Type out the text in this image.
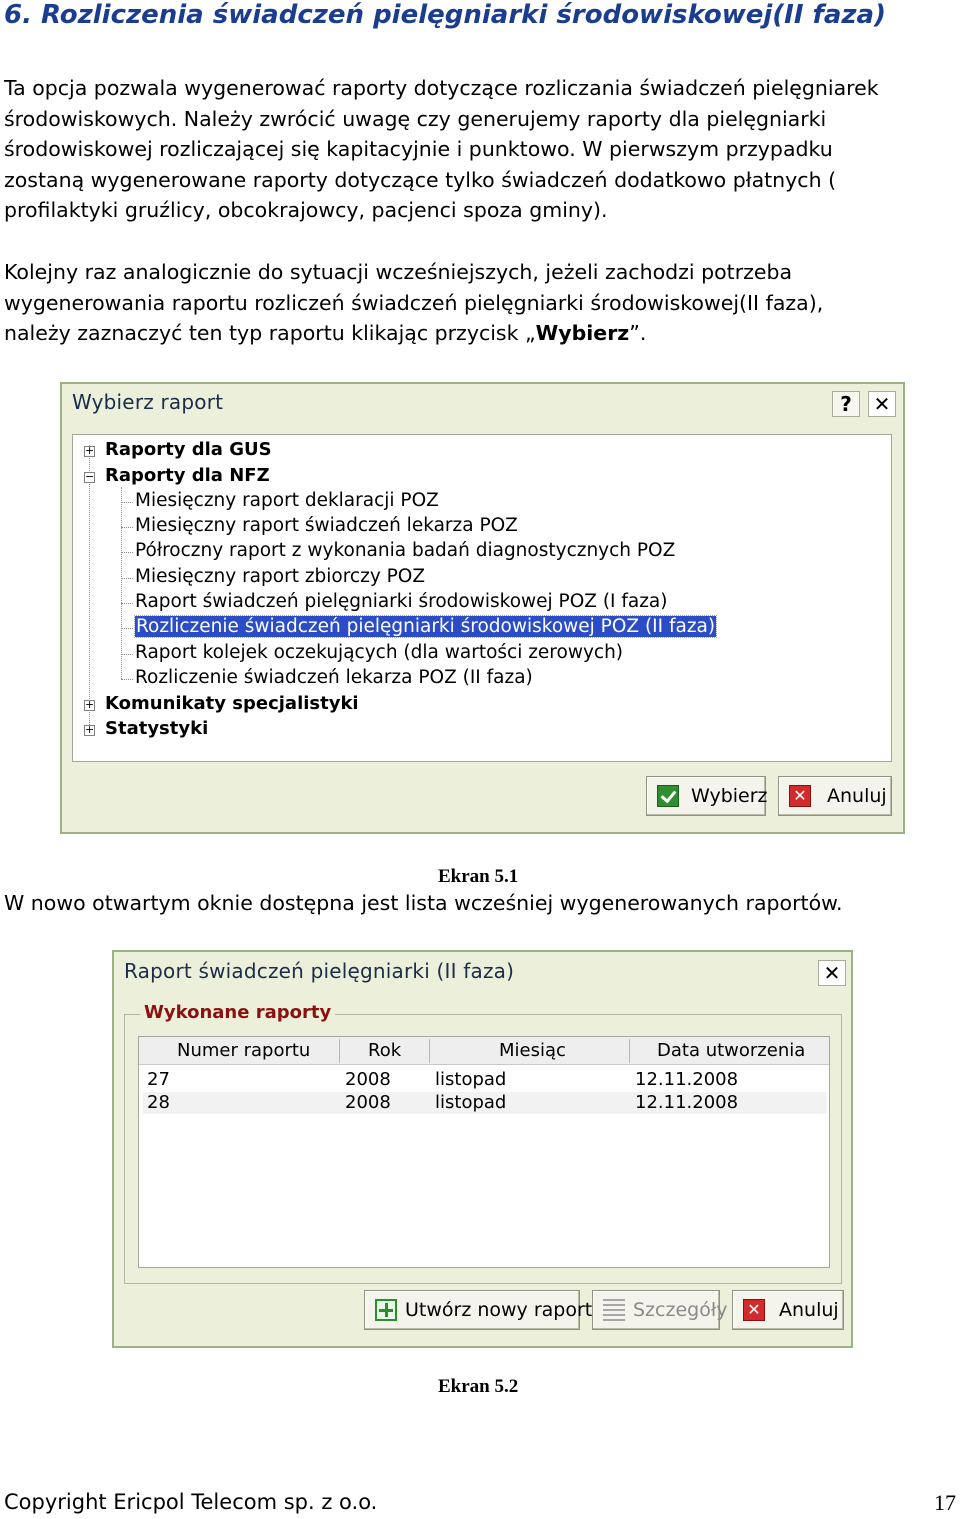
6. Rozliczenia świadczeń pielęgniarki środowiskowej(II faza)
Ta opcja pozwala wygenerować raporty dotyczące rozliczania świadczeń pielęgniarek
środowiskowych. Należy zwrócić uwagę czy generujemy raporty dla pielęgniarki
środowiskowej rozliczającej się kapitacyjnie i punktowo. W pierwszym przypadku
zostaną wygenerowane raporty dotyczące tylko świadczeń dodatkowo płatnych (
profilaktyki gruźlicy, obcokrajowcy, pacjenci spoza gminy).
Kolejny raz analogicznie do sytuacji wcześniejszych, jeżeli zachodzi potrzeba
wygenerowania raportu rozliczeń świadczeń pielęgniarki środowiskowej(II faza),
należy zaznaczyć ten typ raportu klikając przycisk „Wybierz”.
Wybierz raport	?	✕
+ Raporty dla GUS
− Raporty dla NFZ
Miesięczny raport deklaracji POZ
Miesięczny raport świadczeń lekarza POZ
Półroczny raport z wykonania badań diagnostycznych POZ
Miesięczny raport zbiorczy POZ
Raport świadczeń pielęgniarki środowiskowej POZ (I faza)
Rozliczenie świadczeń pielęgniarki środowiskowej POZ (II faza)
Raport kolejek oczekujących (dla wartości zerowych)
Rozliczenie świadczeń lekarza POZ (II faza)
+ Komunikaty specjalistyki
+ Statystyki
Wybierz ✕ Anuluj
Ekran 5.1
W nowo otwartym oknie dostępna jest lista wcześniej wygenerowanych raportów.
Raport świadczeń pielęgniarki (II faza)	✕
Wykonane raporty
Numer raportu	Rok	Miesiąc	Data utworzenia
27	2008 listopad	12.11.2008
28	2008 listopad	12.11.2008
Utwórz nowy raport Szczegóły ✕ Anuluj
Ekran 5.2
Copyright Ericpol Telecom sp. z o.o.	17
